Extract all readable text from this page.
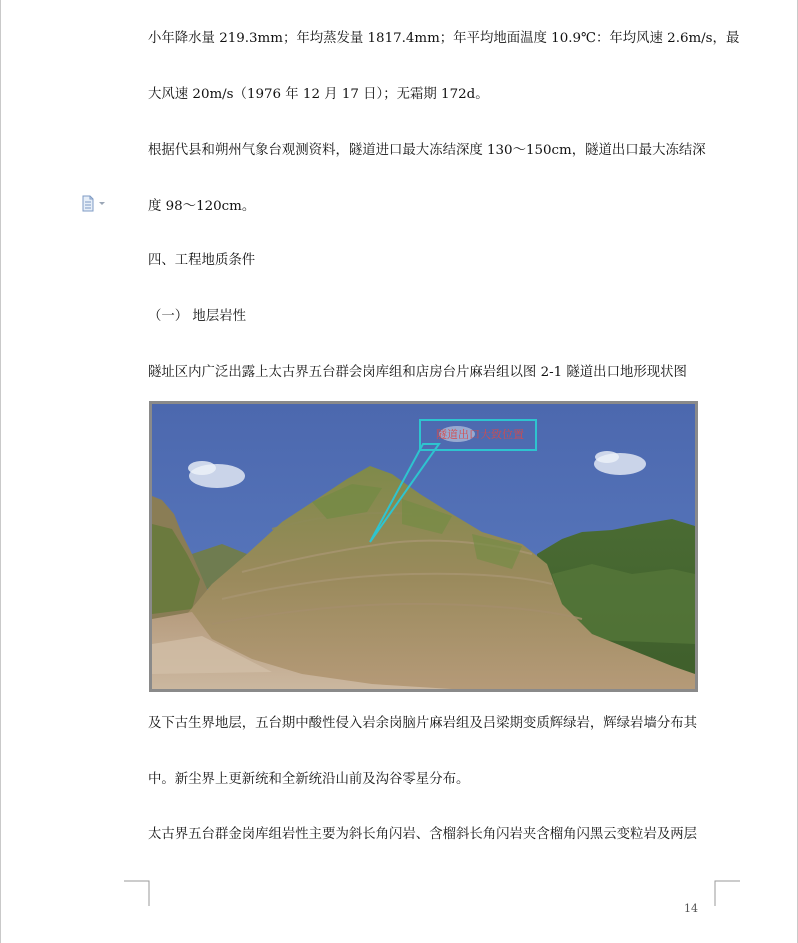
小年降水量 219.3mm；年均蒸发量 1817.4mm；年平均地面温度 10.9℃：年均风速 2.6m/s，最
大风速 20m/s（1976 年 12 月 17 日）；无霜期 172d。
根据代县和朔州气象台观测资料，隧道进口最大冻结深度 130～150cm，隧道出口最大冻结深
度 98～120cm。
四、工程地质条件
（一） 地层岩性
隧址区内广泛出露上太古界五台群会岗库组和店房台片麻岩组以图 2-1 隧道出口地形现状图
隧道出口大致位置
及下古生界地层，五台期中酸性侵入岩余岗脑片麻岩组及吕梁期变质辉绿岩，辉绿岩墙分布其
中。新尘界上更新统和全新统沿山前及沟谷零星分布。
太古界五台群金岗库组岩性主要为斜长角闪岩、含榴斜长角闪岩夹含榴角闪黑云变粒岩及两层
14
